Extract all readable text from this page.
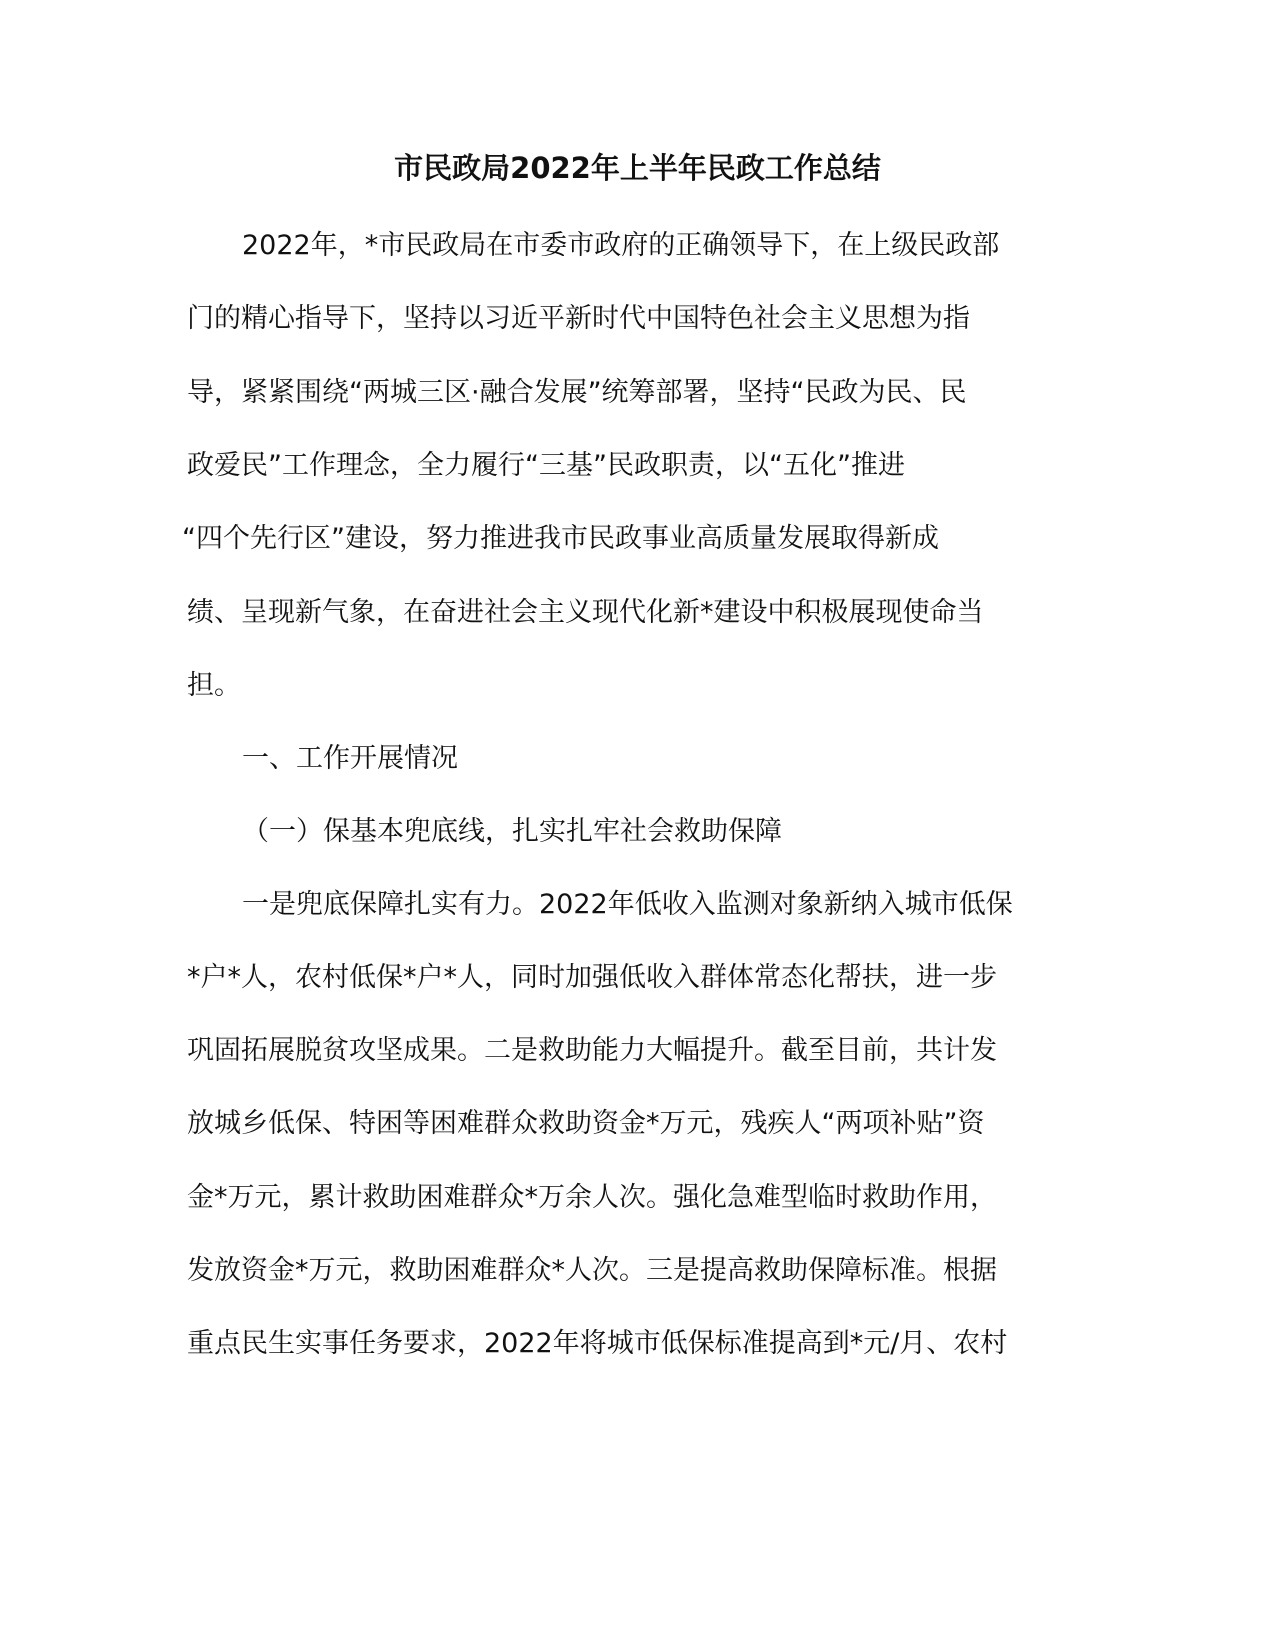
市民政局2022年上半年民政工作总结
2022年，*市民政局在市委市政府的正确领导下，在上级民政部
门的精心指导下，坚持以习近平新时代中国特色社会主义思想为指
导，紧紧围绕“两城三区·融合发展”统筹部署，坚持“民政为民、民
政爱民”工作理念，全力履行“三基”民政职责，以“五化”推进
“四个先行区”建设，努力推进我市民政事业高质量发展取得新成
绩、呈现新气象，在奋进社会主义现代化新*建设中积极展现使命当
担。
一、工作开展情况
（一）保基本兜底线，扎实扎牢社会救助保障
一是兜底保障扎实有力。2022年低收入监测对象新纳入城市低保
*户*人，农村低保*户*人，同时加强低收入群体常态化帮扶，进一步
巩固拓展脱贫攻坚成果。二是救助能力大幅提升。截至目前，共计发
放城乡低保、特困等困难群众救助资金*万元，残疾人“两项补贴”资
金*万元，累计救助困难群众*万余人次。强化急难型临时救助作用，
发放资金*万元，救助困难群众*人次。三是提高救助保障标准。根据
重点民生实事任务要求，2022年将城市低保标准提高到*元/月、农村
